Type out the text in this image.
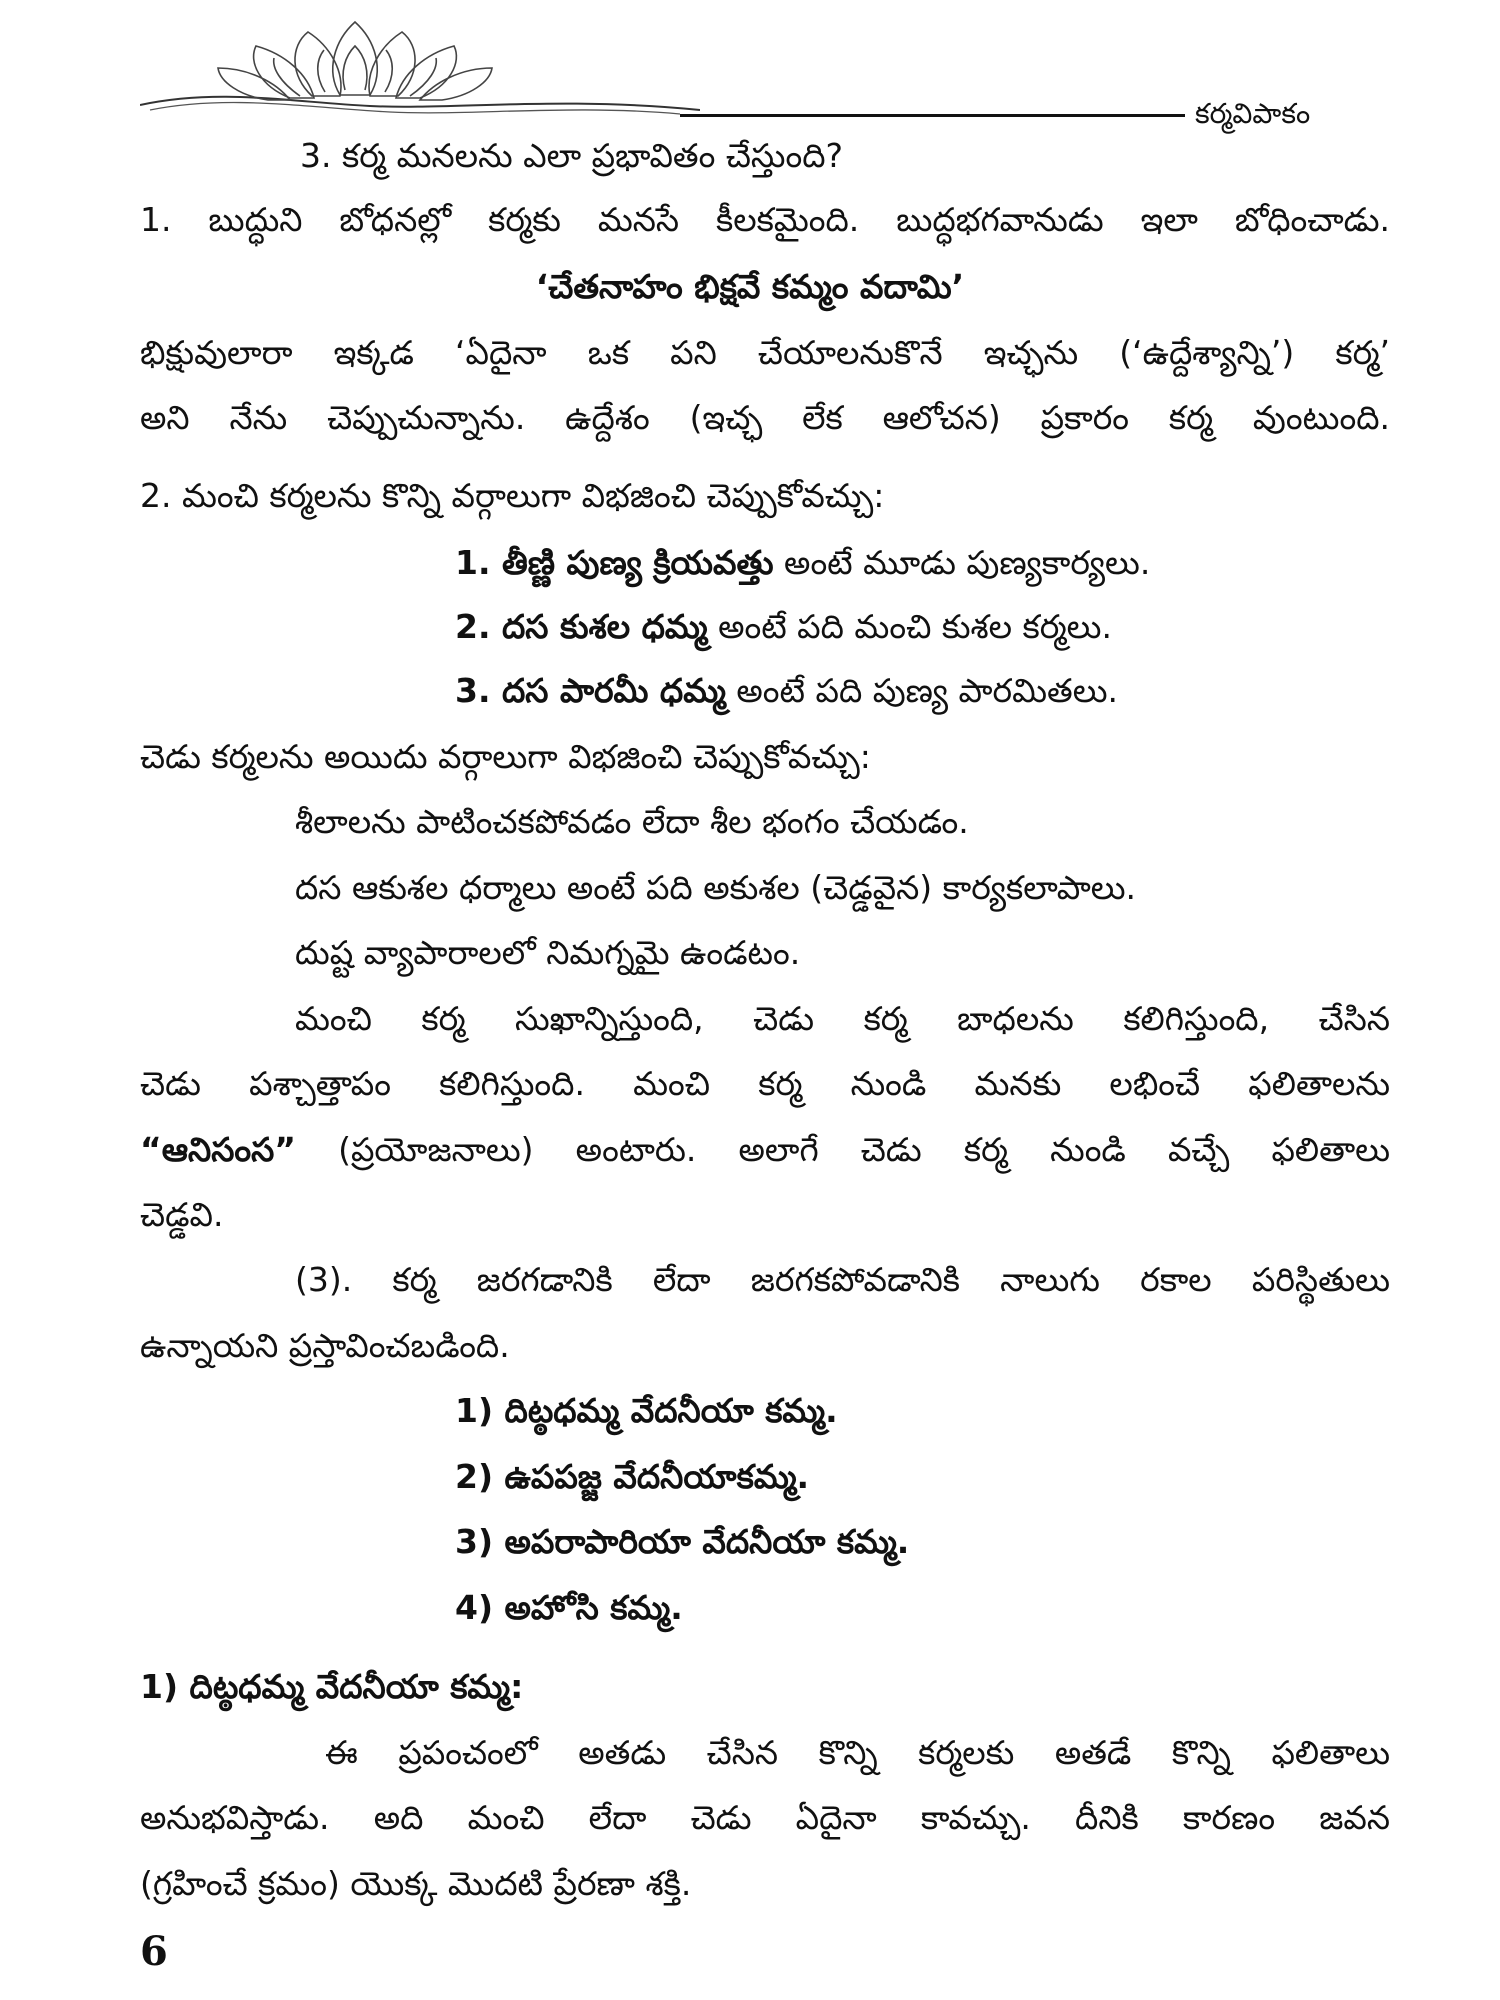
కర్మవిపాకం
3. కర్మ మనలను ఎలా ప్రభావితం చేస్తుంది?
1. బుద్ధుని బోధనల్లో కర్మకు మనసే కీలకమైంది. బుద్ధభగవానుడు ఇలా బోధించాడు.
‘చేతనాహం భిక్షవే కమ్మం వదామి’
భిక్షువులారా ఇక్కడ ‘ఏదైనా ఒక పని చేయాలనుకొనే ఇచ్ఛను (‘ఉద్దేశ్యాన్ని’) కర్మ’
అని నేను చెప్పుచున్నాను. ఉద్దేశం (ఇచ్ఛ లేక ఆలోచన) ప్రకారం కర్మ వుంటుంది.
2. మంచి కర్మలను కొన్ని వర్గాలుగా విభజించి చెప్పుకోవచ్చు:
1. తీణ్ణి పుణ్య క్రియవత్తు అంటే మూడు పుణ్యకార్యలు.
2. దస కుశల ధమ్మ అంటే పది మంచి కుశల కర్మలు.
3. దస పారమీ ధమ్మ అంటే పది పుణ్య పారమితలు.
చెడు కర్మలను అయిదు వర్గాలుగా విభజించి చెప్పుకోవచ్చు:
శీలాలను పాటించకపోవడం లేదా శీల భంగం చేయడం.
దస ఆకుశల ధర్మాలు అంటే పది అకుశల (చెడ్డవైన) కార్యకలాపాలు.
దుష్ట వ్యాపారాలలో నిమగ్నమై ఉండటం.
మంచి కర్మ సుఖాన్నిస్తుంది, చెడు కర్మ బాధలను కలిగిస్తుంది, చేసిన
చెడు పశ్చాత్తాపం కలిగిస్తుంది. మంచి కర్మ నుండి మనకు లభించే ఫలితాలను
“ఆనిసంస” (ప్రయోజనాలు) అంటారు. అలాగే చెడు కర్మ నుండి వచ్చే ఫలితాలు
చెడ్డవి.
(3). కర్మ జరగడానికి లేదా జరగకపోవడానికి నాలుగు రకాల పరిస్థితులు
ఉన్నాయని ప్రస్తావించబడింది.
1) దిట్ఠధమ్మ వేదనీయా కమ్మ.
2) ఉపపజ్జ వేదనీయాకమ్మ.
3) అపరాపారియా వేదనీయా కమ్మ.
4) అహోసి కమ్మ.
1) దిట్ఠధమ్మ వేదనీయా కమ్మ:
ఈ ప్రపంచంలో అతడు చేసిన కొన్ని కర్మలకు అతడే కొన్ని ఫలితాలు
అనుభవిస్తాడు. అది మంచి లేదా చెడు ఏదైనా కావచ్చు. దీనికి కారణం జవన
(గ్రహించే క్రమం) యొక్క మొదటి ప్రేరణా శక్తి.
6
